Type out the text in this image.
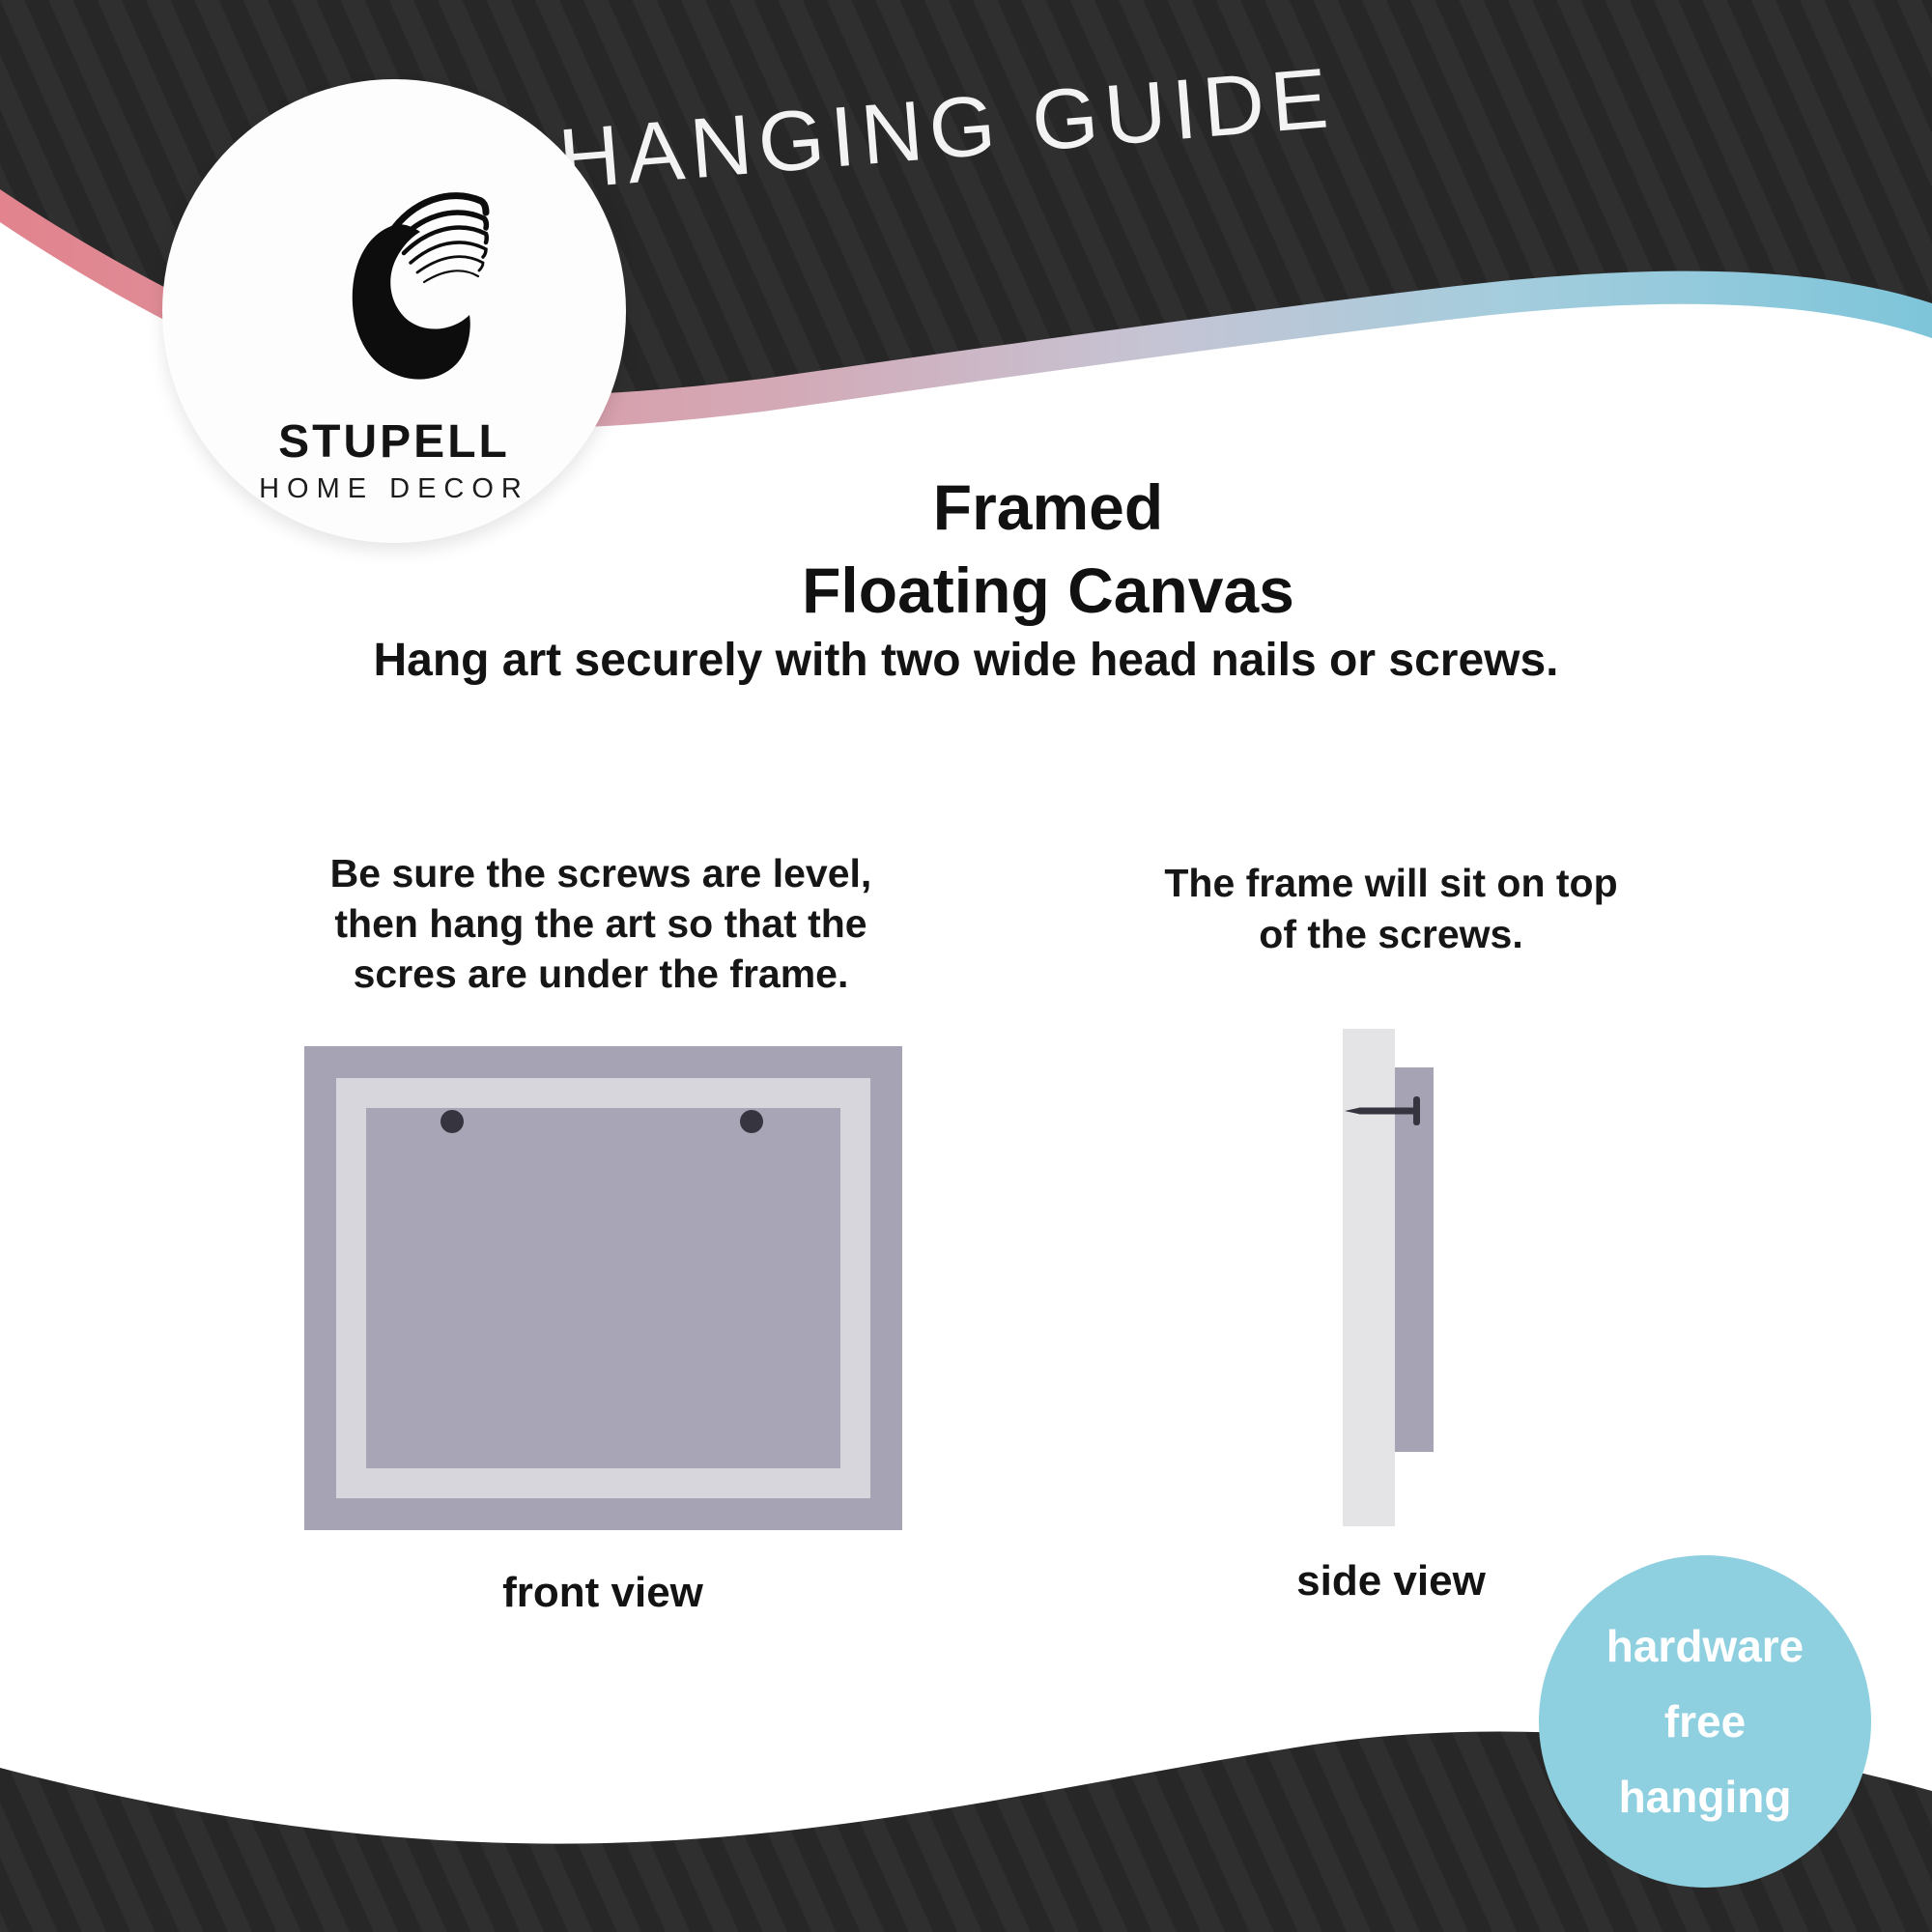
HANGING GUIDE
STUPELL
HOME DECOR	Framed
Floating Canvas
Hang art securely with two wide head nails or screws.
Be sure the screws are level,
then hang the art so that the
scres are under the frame.
The frame will sit on top
of the screws.
front view	side view
hardware
free
hanging
